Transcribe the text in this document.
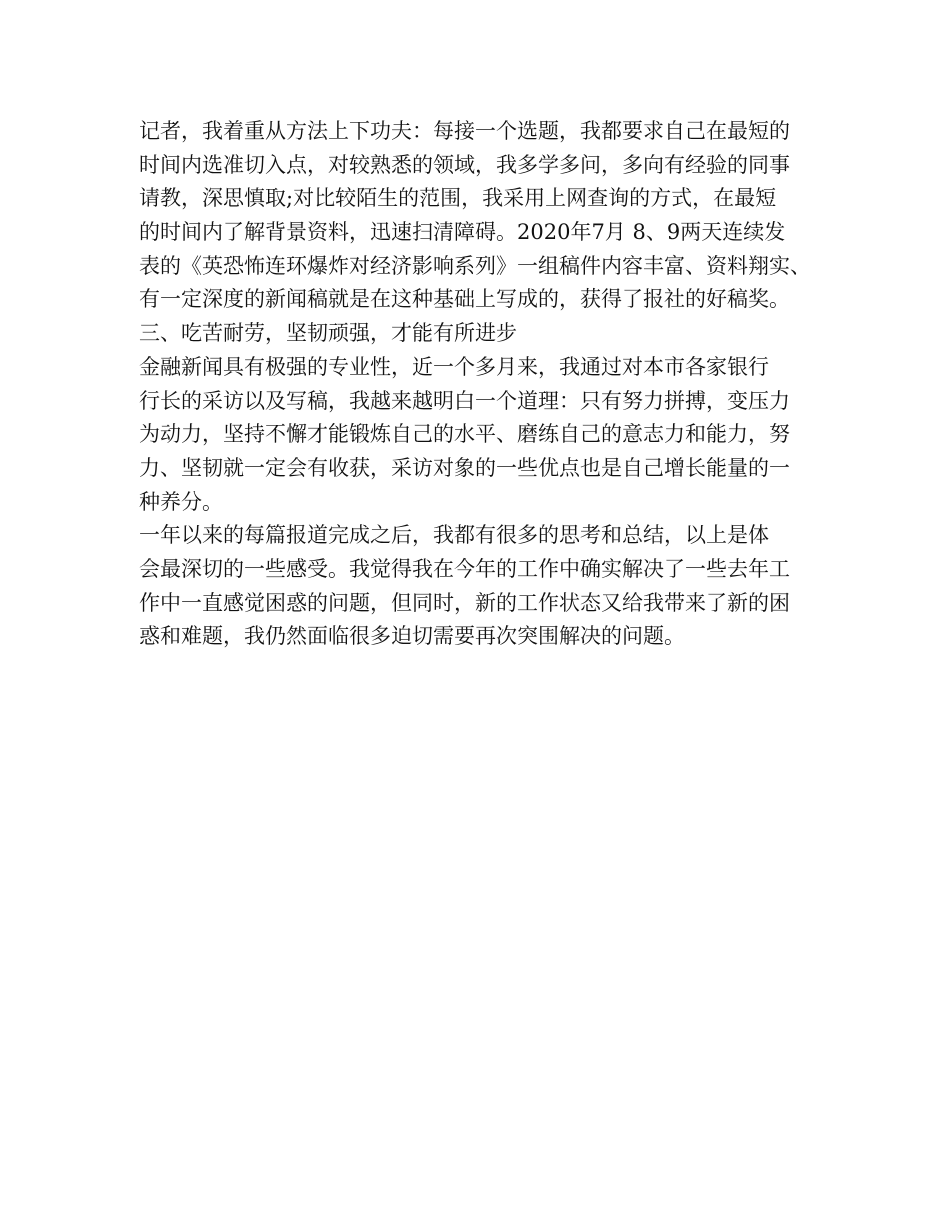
记者，我着重从方法上下功夫：每接一个选题，我都要求自己在最短的
时间内选准切入点，对较熟悉的领域，我多学多问，多向有经验的同事
请教，深思慎取;对比较陌生的范围，我采用上网查询的方式，在最短
的时间内了解背景资料，迅速扫清障碍。2020年7月 8、9两天连续发
表的《英恐怖连环爆炸对经济影响系列》一组稿件内容丰富、资料翔实、
有一定深度的新闻稿就是在这种基础上写成的，获得了报社的好稿奖。
三、吃苦耐劳，坚韧顽强，才能有所进步
金融新闻具有极强的专业性，近一个多月来，我通过对本市各家银行
行长的采访以及写稿，我越来越明白一个道理：只有努力拼搏，变压力
为动力，坚持不懈才能锻炼自己的水平、磨练自己的意志力和能力，努
力、坚韧就一定会有收获，采访对象的一些优点也是自己增长能量的一
种养分。
一年以来的每篇报道完成之后，我都有很多的思考和总结，以上是体
会最深切的一些感受。我觉得我在今年的工作中确实解决了一些去年工
作中一直感觉困惑的问题，但同时，新的工作状态又给我带来了新的困
惑和难题，我仍然面临很多迫切需要再次突围解决的问题。
